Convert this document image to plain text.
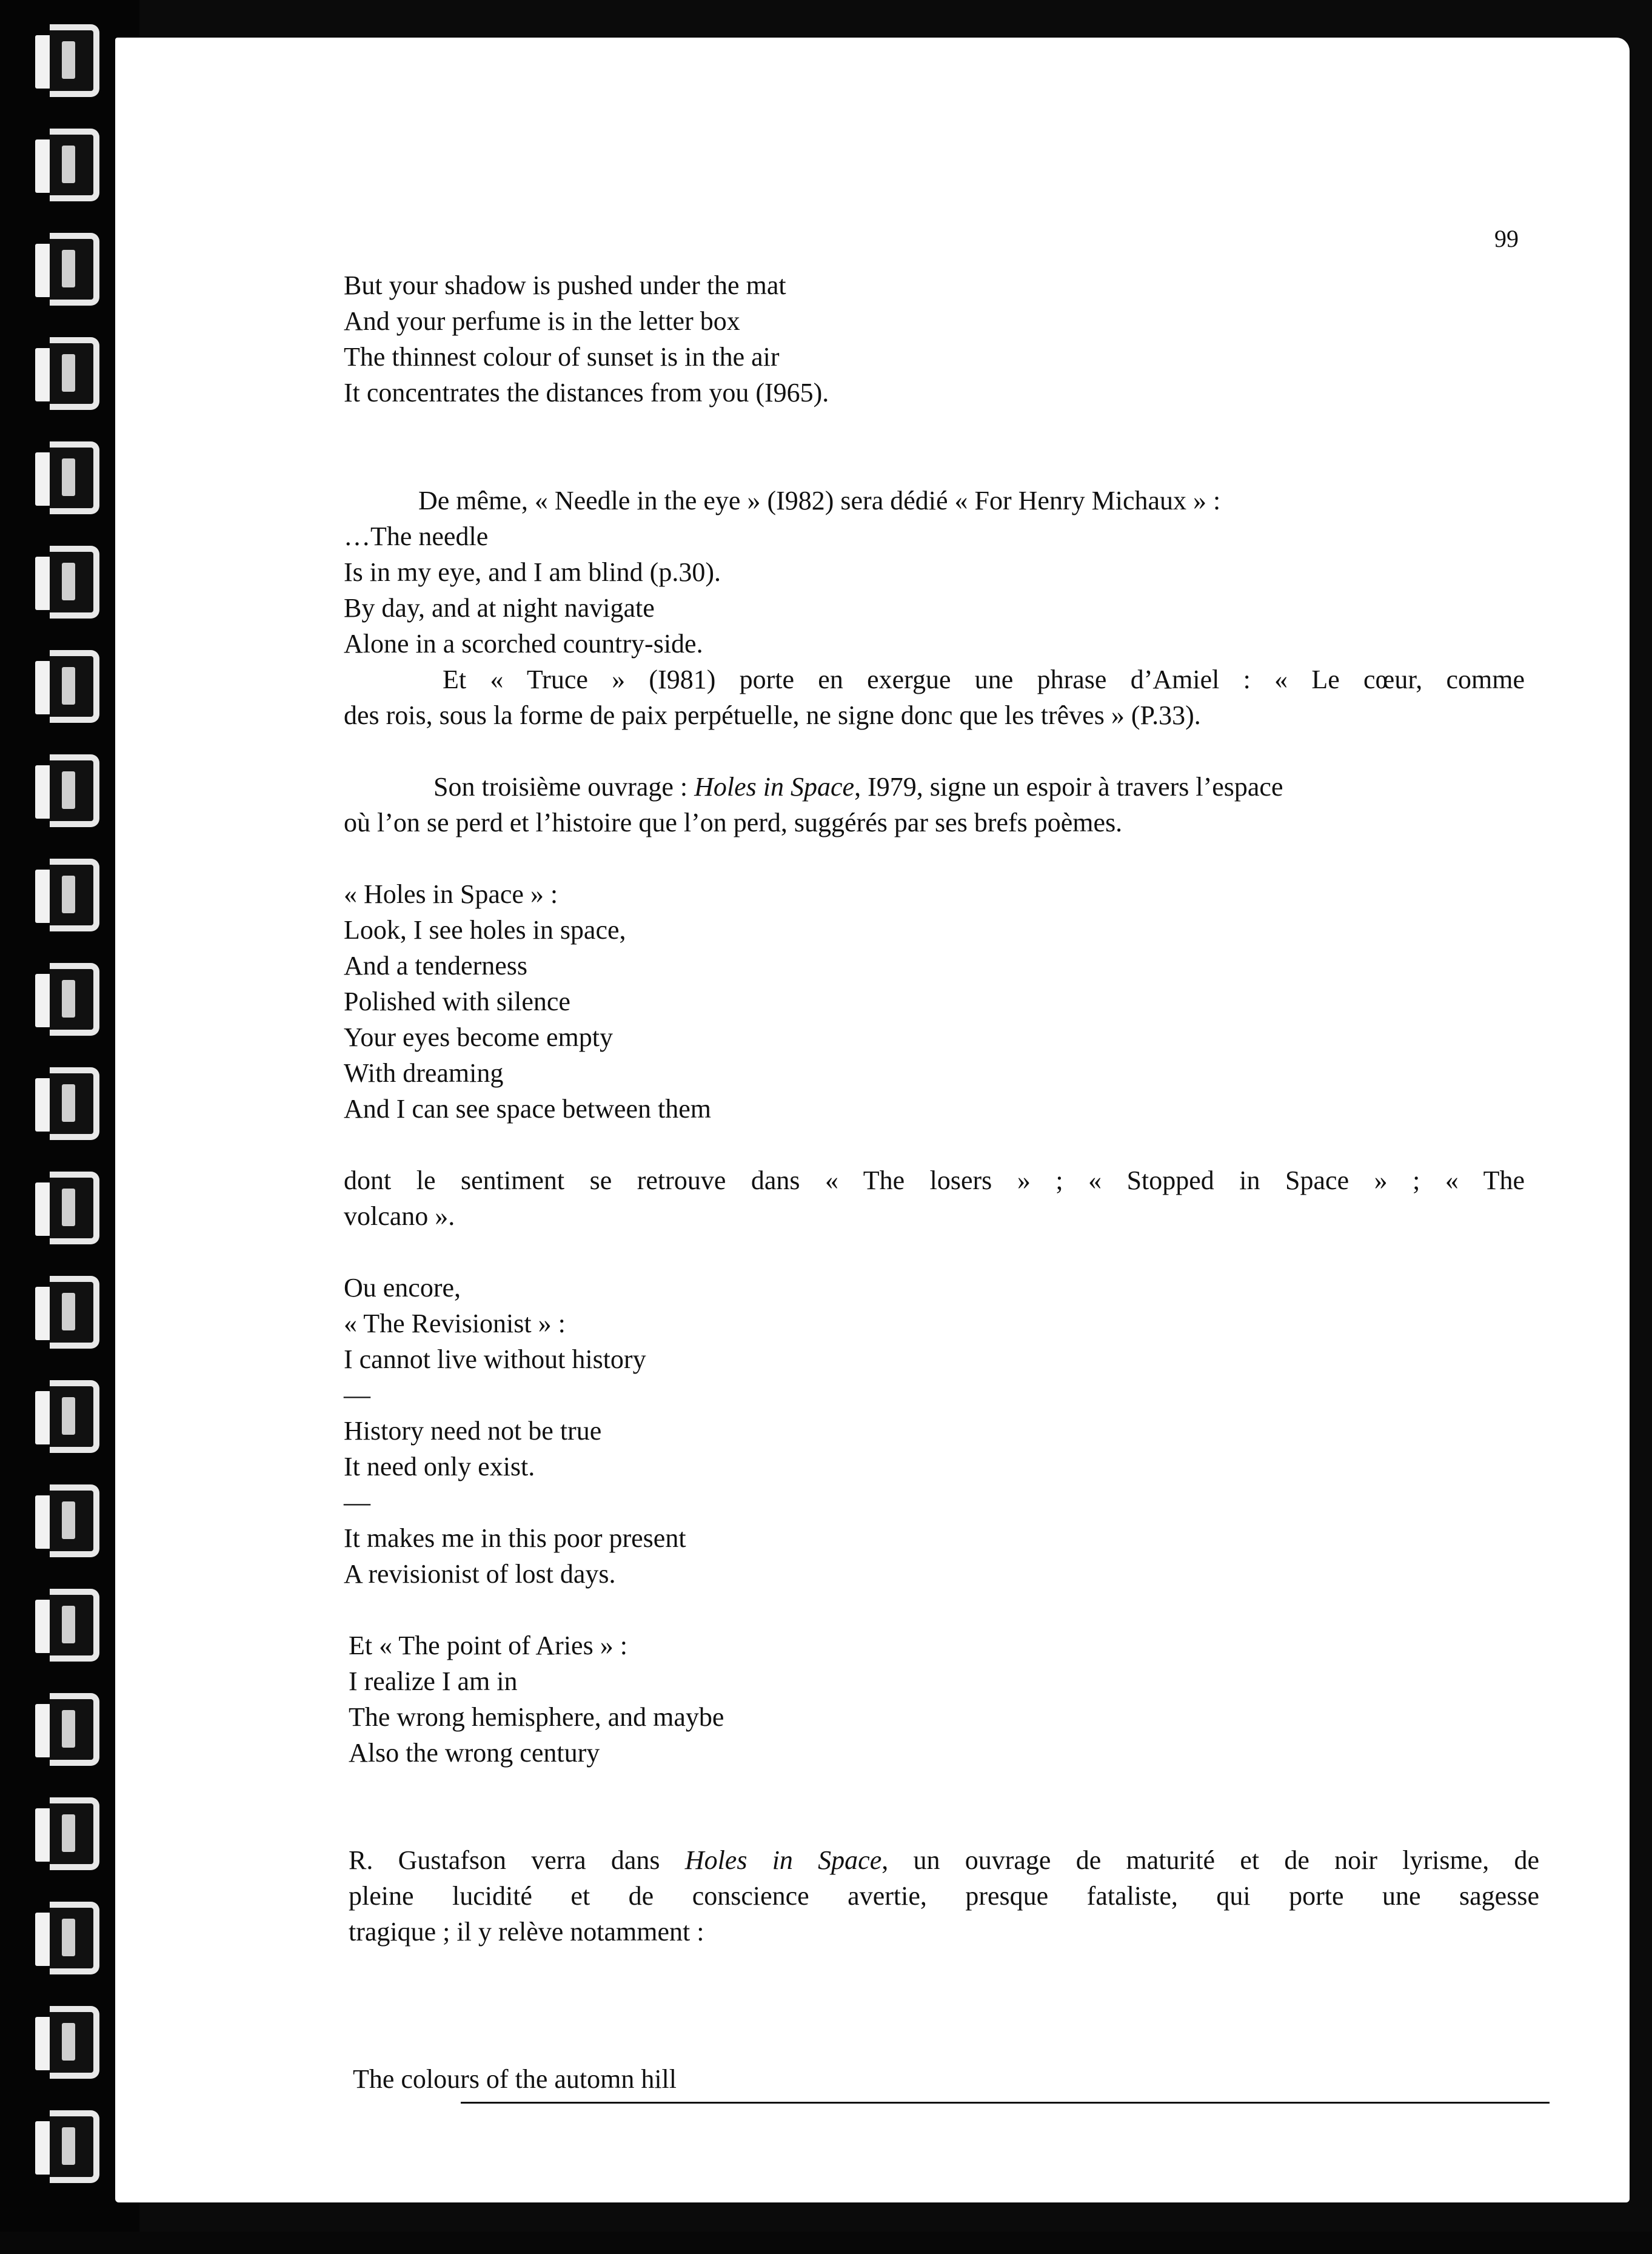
99
But your shadow is pushed under the mat
And your perfume is in the letter box
The thinnest colour of sunset is in the air
It concentrates the distances from you (I965).
De même, « Needle in the eye » (I982) sera dédié « For Henry Michaux » :
…The needle
Is in my eye, and I am blind (p.30).
By day, and at night navigate
Alone in a scorched country-side.
Et « Truce » (I981) porte en exergue une phrase d’Amiel : « Le cœur, comme
des rois, sous la forme de paix perpétuelle, ne signe donc que les trêves » (P.33).
Son troisième ouvrage : Holes in Space, I979, signe un espoir à travers l’espace
où l’on se perd et l’histoire que l’on perd, suggérés par ses brefs poèmes.
« Holes in Space » :
Look, I see holes in space,
And a tenderness
Polished with silence
Your eyes become empty
With dreaming
And I can see space between them
dont le sentiment se retrouve dans « The losers » ; « Stopped in Space » ; « The
volcano ».
Ou encore,
« The Revisionist » :
I cannot live without history
—
History need not be true
It need only exist.
—
It makes me in this poor present
A revisionist of lost days.
Et « The point of Aries » :
I realize I am in
The wrong hemisphere, and maybe
Also the wrong century
R. Gustafson verra dans Holes in Space, un ouvrage de maturité et de noir lyrisme, de
pleine lucidité et de conscience avertie, presque fataliste, qui porte une sagesse
tragique ; il y relève notamment :
The colours of the automn hill
